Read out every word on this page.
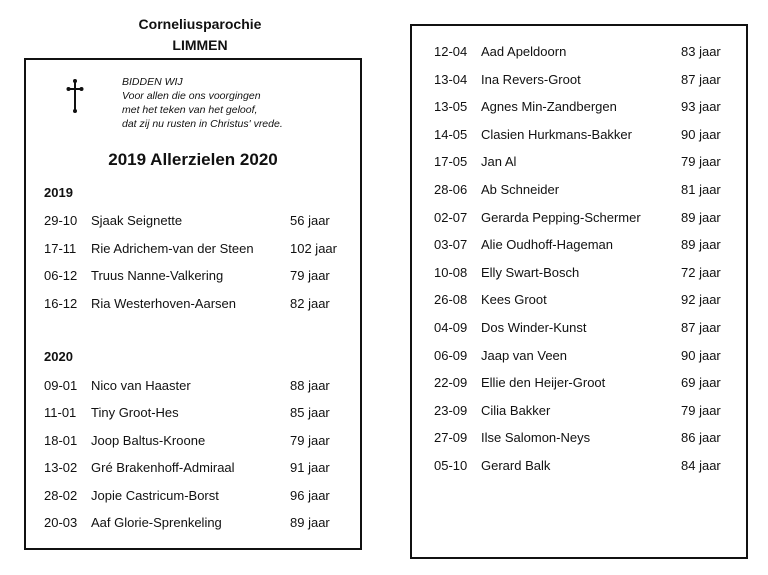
Corneliusparochie
LIMMEN
BIDDEN WIJ
Voor allen die ons voorgingen
met het teken van het geloof,
dat zij nu rusten in Christus' vrede.
2019 Allerzielen 2020
2019
29-10 Sjaak Seignette	56 jaar
17-11 Rie Adrichem-van der Steen	102 jaar
06-12 Truus Nanne-Valkering	79 jaar
16-12 Ria Westerhoven-Aarsen	82 jaar
2020
09-01 Nico van Haaster	88 jaar
11-01 Tiny Groot-Hes	85 jaar
18-01 Joop Baltus-Kroone	79 jaar
13-02 Gré Brakenhoff-Admiraal	91 jaar
28-02 Jopie Castricum-Borst	96 jaar
20-03 Aaf Glorie-Sprenkeling	89 jaar
12-04 Aad Apeldoorn	83 jaar
13-04 Ina Revers-Groot	87 jaar
13-05 Agnes Min-Zandbergen	93 jaar
14-05 Clasien Hurkmans-Bakker	90 jaar
17-05 Jan Al	79 jaar
28-06 Ab Schneider	81 jaar
02-07 Gerarda Pepping-Schermer	89 jaar
03-07 Alie Oudhoff-Hageman	89 jaar
10-08 Elly Swart-Bosch	72 jaar
26-08 Kees Groot	92 jaar
04-09 Dos Winder-Kunst	87 jaar
06-09 Jaap van Veen	90 jaar
22-09 Ellie den Heijer-Groot	69 jaar
23-09 Cilia Bakker	79 jaar
27-09 Ilse Salomon-Neys	86 jaar
05-10 Gerard Balk	84 jaar
